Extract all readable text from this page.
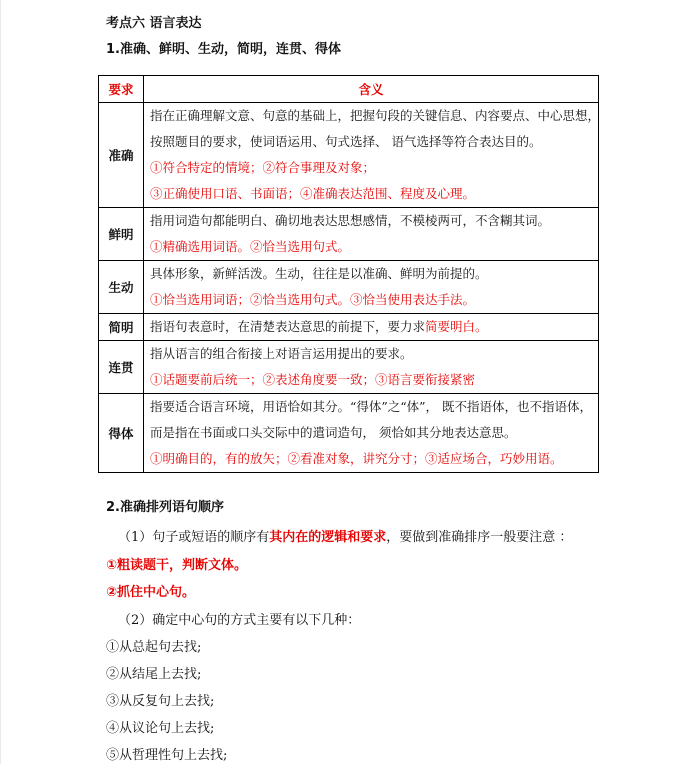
考点六 语言表达
1.准确、鲜明、生动，简明，连贯、得体
要求	含义
准确	指在正确理解文意、句意的基础上，把握句段的关键信息、内容要点、中心思想，
按照题目的要求，使词语运用、句式选择、 语气选择等符合表达目的。
①符合特定的情境；②符合事理及对象；
③正确使用口语、书面语；④准确表达范围、程度及心理。

鲜明	指用词造句都能明白、确切地表达思想感情，不模棱两可，不含糊其词。
①精确选用词语。②恰当选用句式。

生动	具体形象，新鲜活泼。生动，往往是以准确、鲜明为前提的。
①恰当选用词语；②恰当选用句式。③恰当使用表达手法。

简明	指语句表意时，在清楚表达意思的前提下，要力求简要明白。

连贯	指从语言的组合衔接上对语言运用提出的要求。
①话题要前后统一；②表述角度要一致；③语言要衔接紧密

得体	指要适合语言环境，用语恰如其分。“得体”之“体”， 既不指语体，也不指语体，
而是指在书面或口头交际中的遣词造句， 须恰如其分地表达意思。
①明确目的，有的放矢；②看准对象，讲究分寸；③适应场合，巧妙用语。
2.准确排列语句顺序
（1）句子或短语的顺序有其内在的逻辑和要求，要做到准确排序一般要注意 ：
①粗读题干，判断文体。
②抓住中心句。
（2）确定中心句的方式主要有以下几种：
①从总起句去找;
②从结尾上去找;
③从反复句上去找;
④从议论句上去找;
⑤从哲理性句上去找;
